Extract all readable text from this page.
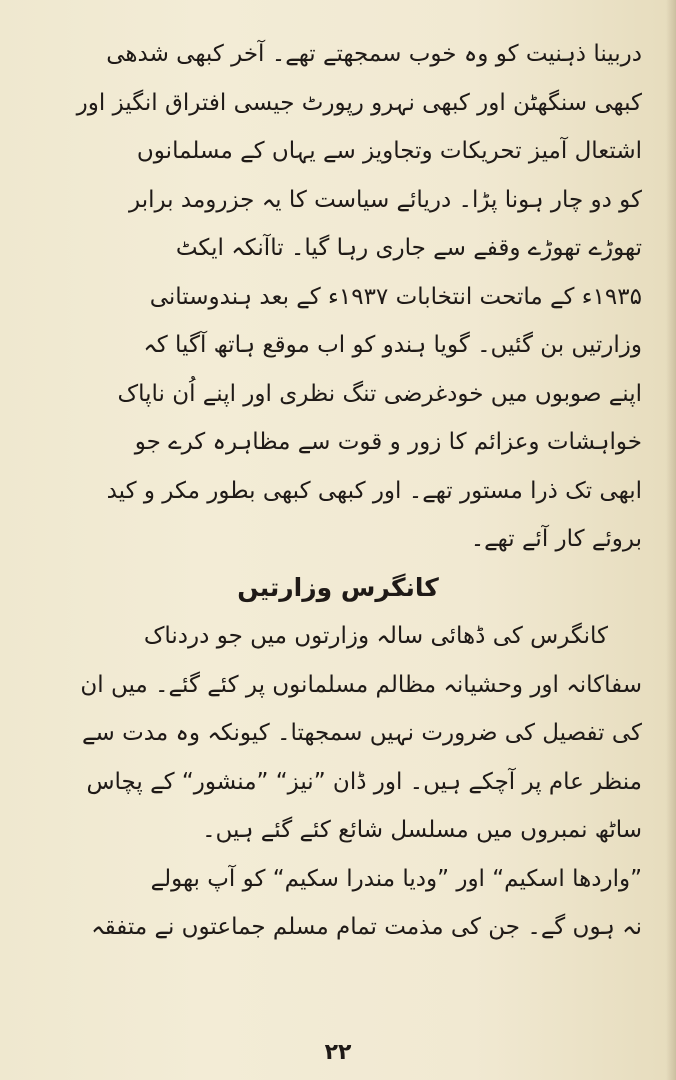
دربینا ذہنیت کو وہ خوب سمجھتے تھے۔ آخر کبھی شدھی
کبھی سنگھٹن اور کبھی نہرو رپورٹ جیسی افتراق انگیز اور
اشتعال آمیز تحریکات وتجاویز سے یہاں کے مسلمانوں
کو دو چار ہونا پڑا۔ دریائے سیاست کا یہ جزرومد برابر
تھوڑے تھوڑے وقفے سے جاری رہا گیا۔ تاآنکہ ایکٹ
۱۹۳۵ء کے ماتحت انتخابات ۱۹۳۷ء کے بعد ہندوستانی
وزارتیں بن گئیں۔ گویا ہندو کو اب موقع ہاتھ آگیا کہ
اپنے صوبوں میں خودغرضی تنگ نظری اور اپنے اُن ناپاک
خواہشات وعزائم کا زور و قوت سے مظاہرہ کرے جو
ابھی تک ذرا مستور تھے۔ اور کبھی کبھی بطور مکر و کید
بروئے کار آئے تھے۔
کانگرس وزارتیں
کانگرس کی ڈھائی سالہ وزارتوں میں جو دردناک
سفاکانہ اور وحشیانہ مظالم مسلمانوں پر کئے گئے۔ میں ان
کی تفصیل کی ضرورت نہیں سمجھتا۔ کیونکہ وہ مدت سے
منظر عام پر آچکے ہیں۔ اور ڈان ”نیز“ ”منشور“ کے پچاس
ساٹھ نمبروں میں مسلسل شائع کئے گئے ہیں۔
”واردھا اسکیم“ اور ”ودیا مندرا سکیم“ کو آپ بھولے
نہ ہوں گے۔ جن کی مذمت تمام مسلم جماعتوں نے متفقہ
۲۲
